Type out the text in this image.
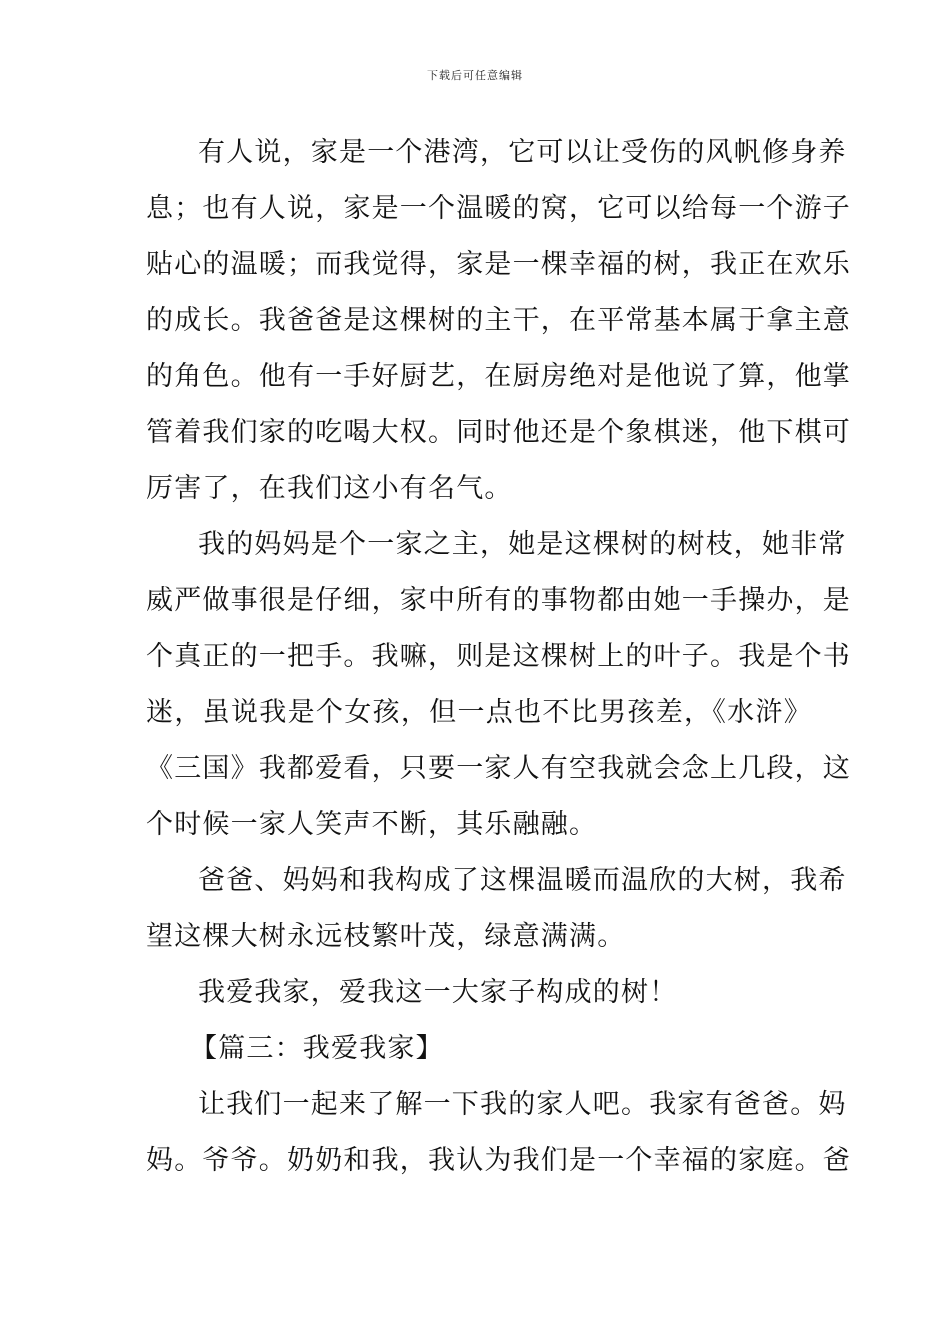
下载后可任意编辑
有人说，家是一个港湾，它可以让受伤的风帆修身养
息；也有人说，家是一个温暖的窝，它可以给每一个游子
贴心的温暖；而我觉得，家是一棵幸福的树，我正在欢乐
的成长。我爸爸是这棵树的主干，在平常基本属于拿主意
的角色。他有一手好厨艺，在厨房绝对是他说了算，他掌
管着我们家的吃喝大权。同时他还是个象棋迷，他下棋可
厉害了，在我们这小有名气。
我的妈妈是个一家之主，她是这棵树的树枝，她非常
威严做事很是仔细，家中所有的事物都由她一手操办，是
个真正的一把手。我嘛，则是这棵树上的叶子。我是个书
迷，虽说我是个女孩，但一点也不比男孩差，《水浒》
《三国》我都爱看，只要一家人有空我就会念上几段，这
个时候一家人笑声不断，其乐融融。
爸爸、妈妈和我构成了这棵温暖而温欣的大树，我希
望这棵大树永远枝繁叶茂，绿意满满。
我爱我家，爱我这一大家子构成的树！
【篇三：我爱我家】
让我们一起来了解一下我的家人吧。我家有爸爸。妈
妈。爷爷。奶奶和我，我认为我们是一个幸福的家庭。爸
